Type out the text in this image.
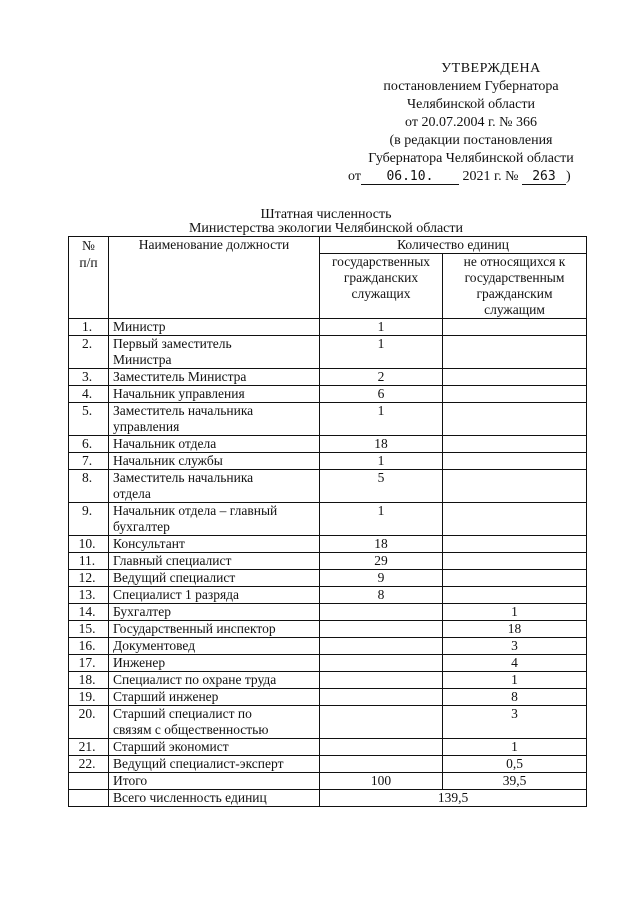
УТВЕРЖДЕНА
постановлением Губернатора
Челябинской области
от 20.07.2004 г. № 366
(в редакции постановления
Губернатора Челябинской области
от 06.10. 2021 г. № 263 )
Штатная численность
Министерства экологии Челябинской области
№
п/п	Наименование должности	Количество единиц	
		государственных
гражданских
служащих	не относящихся к
государственным
гражданским
служащим
1.	Министр	1	
2.	Первый заместитель
Министра	1	
3.	Заместитель Министра	2	
4.	Начальник управления	6	
5.	Заместитель начальника
управления	1	
6.	Начальник отдела	18	
7.	Начальник службы	1	
8.	Заместитель начальника
отдела	5	
9.	Начальник отдела – главный
бухгалтер	1	
10.	Консультант	18	
11.	Главный специалист	29	
12.	Ведущий специалист	9	
13.	Специалист 1 разряда	8	
14.	Бухгалтер		1
15.	Государственный инспектор		18
16.	Документовед		3
17.	Инженер		4
18.	Специалист по охране труда		1
19.	Старший инженер		8
20.	Старший специалист по
связям с общественностью		3
21.	Старший экономист		1
22.	Ведущий специалист-эксперт		0,5
	Итого	100	39,5
	Всего численность единиц	139,5	
